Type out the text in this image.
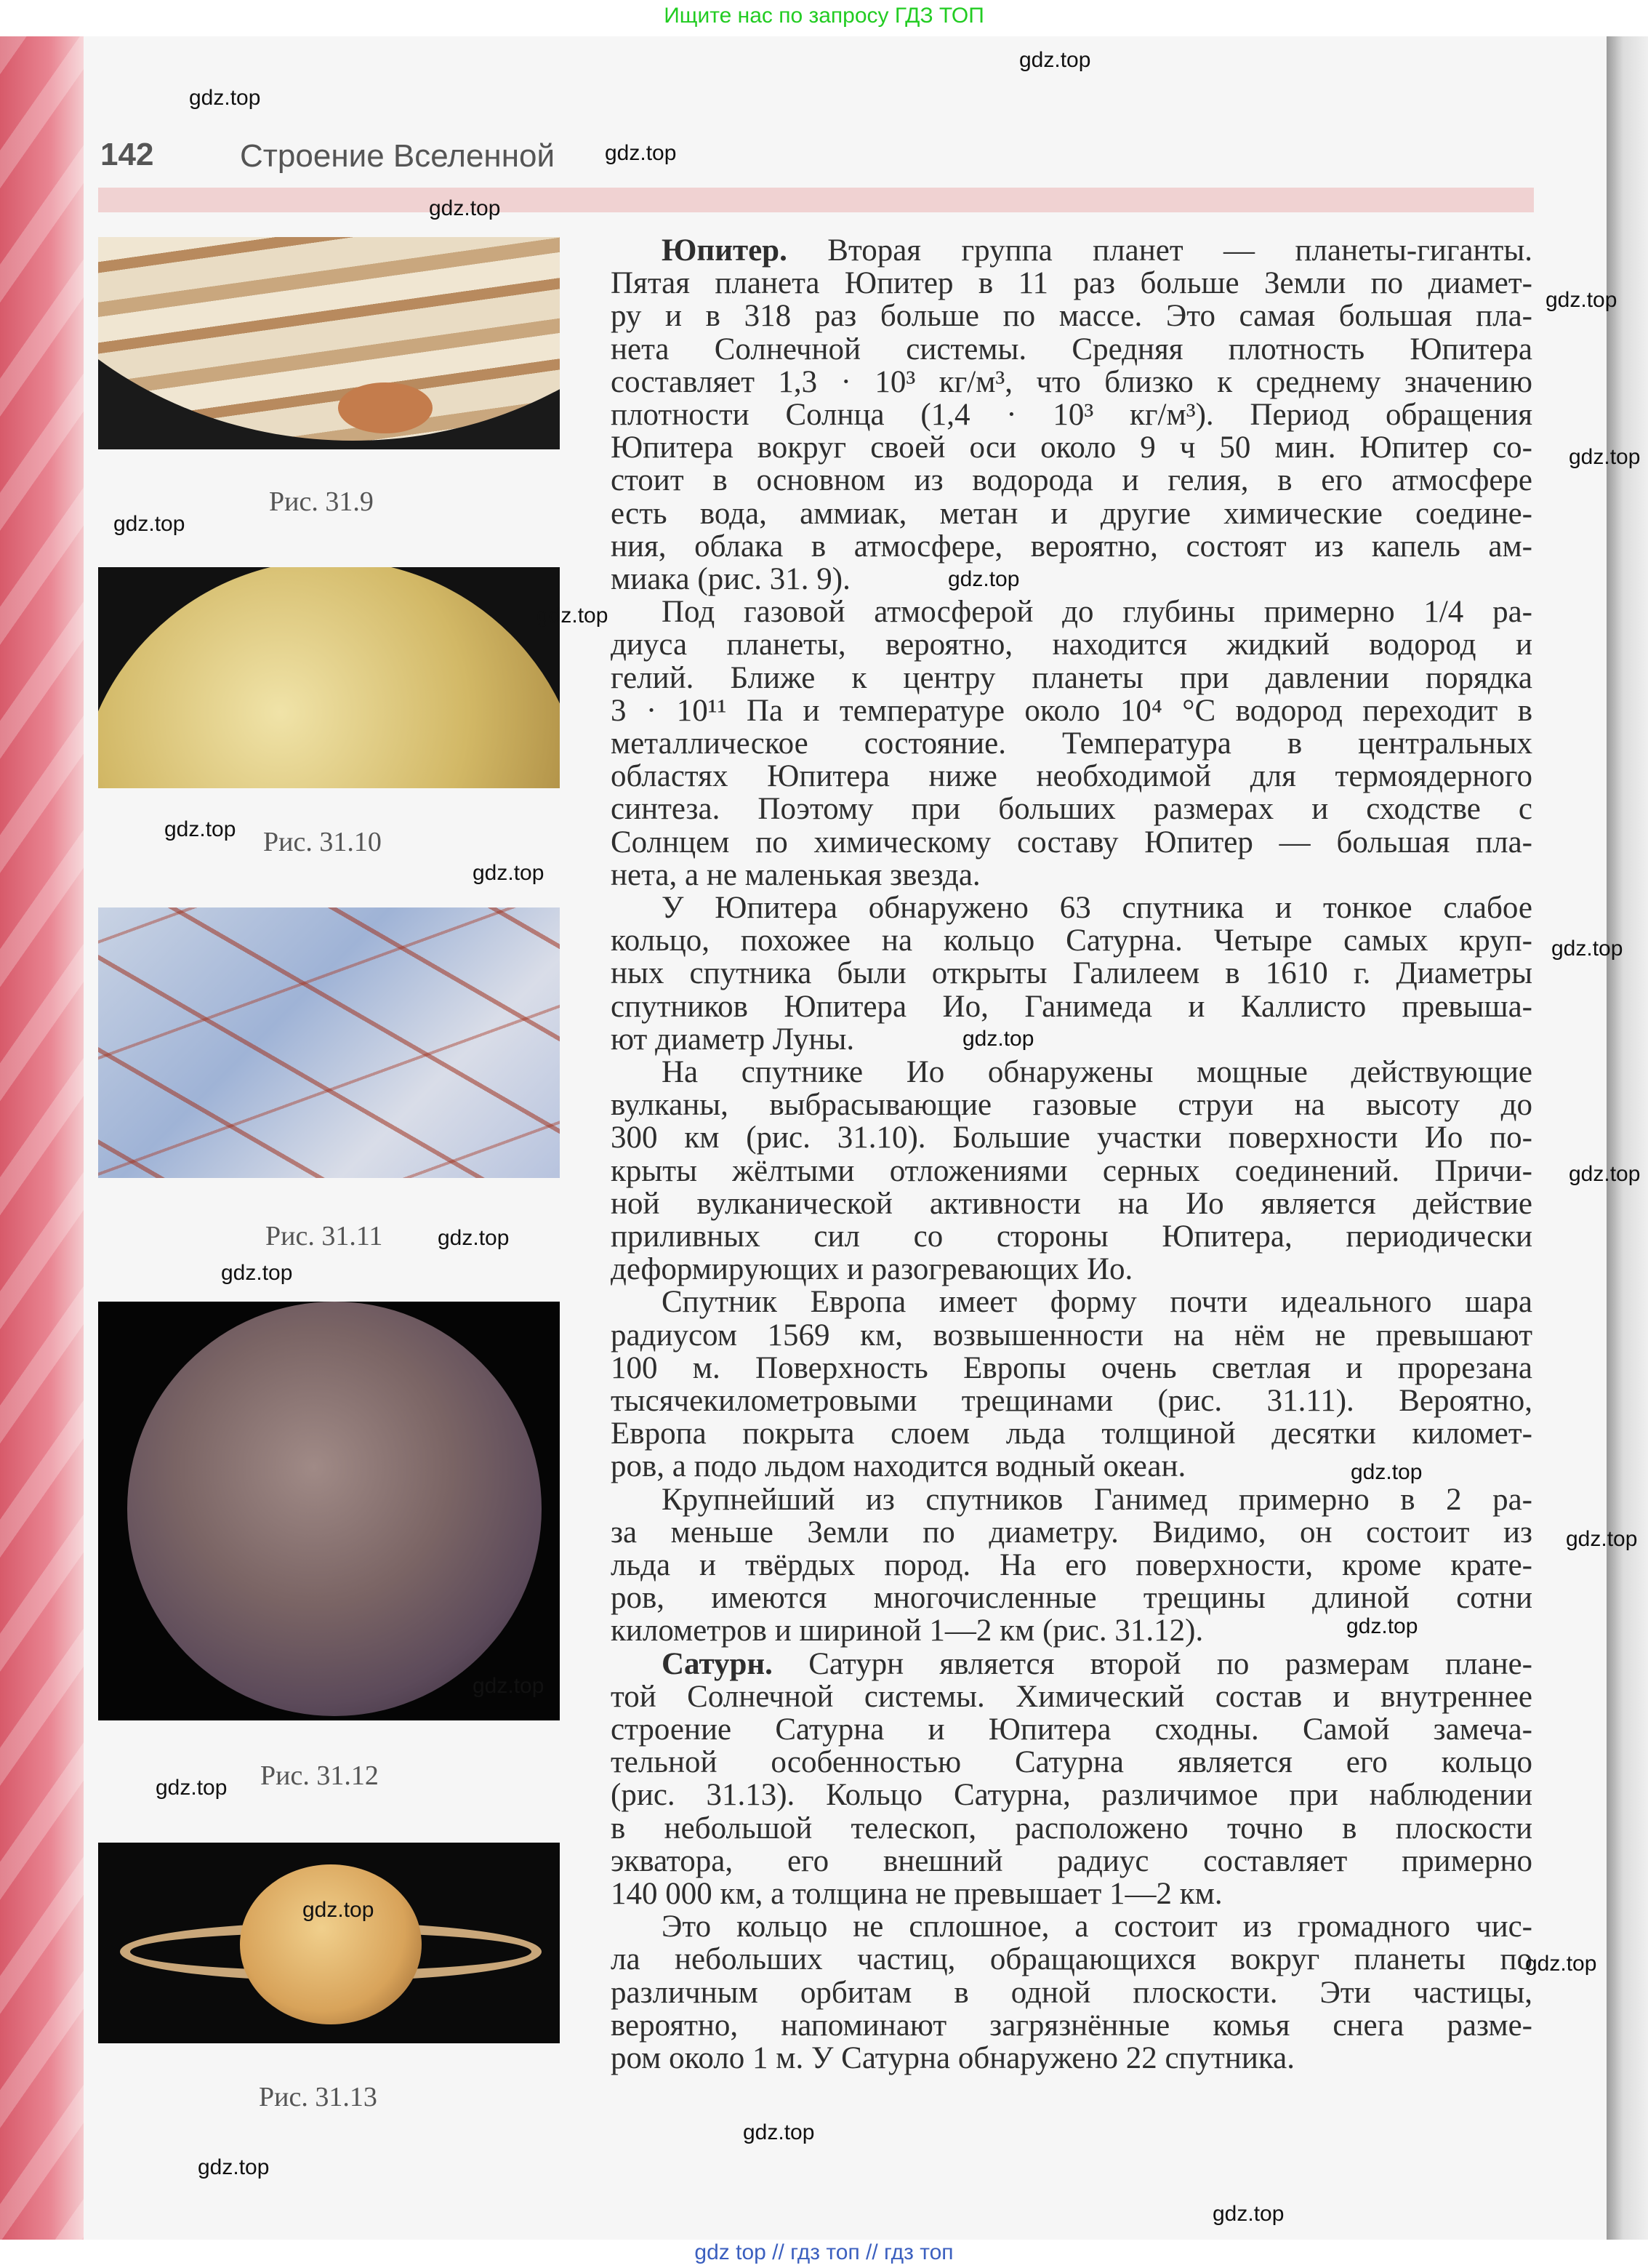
Ищите нас по запросу ГДЗ ТОП
142	Строение Вселенной
Рис. 31.9
Рис. 31.10
Рис. 31.11
Рис. 31.12
Рис. 31.13
Юпитер. Вторая группа планет — планеты-гиганты.
Пятая планета Юпитер в 11 раз больше Земли по диамет-
ру и в 318 раз больше по массе. Это самая большая пла-
нета Солнечной системы. Средняя плотность Юпитера
составляет 1,3 · 10³ кг/м³, что близко к среднему значению
плотности Солнца (1,4 · 10³ кг/м³). Период обращения
Юпитера вокруг своей оси около 9 ч 50 мин. Юпитер со-
стоит в основном из водорода и гелия, в его атмосфере
есть вода, аммиак, метан и другие химические соедине-
ния, облака в атмосфере, вероятно, состоят из капель ам-
миака (рис. 31. 9).
Под газовой атмосферой до глубины примерно 1/4 ра-
диуса планеты, вероятно, находится жидкий водород и
гелий. Ближе к центру планеты при давлении порядка
3 · 10¹¹ Па и температуре около 10⁴ °С водород переходит в
металлическое состояние. Температура в центральных
областях Юпитера ниже необходимой для термоядерного
синтеза. Поэтому при больших размерах и сходстве с
Солнцем по химическому составу Юпитер — большая пла-
нета, а не маленькая звезда.
У Юпитера обнаружено 63 спутника и тонкое слабое
кольцо, похожее на кольцо Сатурна. Четыре самых круп-
ных спутника были открыты Галилеем в 1610 г. Диаметры
спутников Юпитера Ио, Ганимеда и Каллисто превыша-
ют диаметр Луны.
На спутнике Ио обнаружены мощные действующие
вулканы, выбрасывающие газовые струи на высоту до
300 км (рис. 31.10). Большие участки поверхности Ио по-
крыты жёлтыми отложениями серных соединений. Причи-
ной вулканической активности на Ио является действие
приливных сил со стороны Юпитера, периодически
деформирующих и разогревающих Ио.
Спутник Европа имеет форму почти идеального шара
радиусом 1569 км, возвышенности на нём не превышают
100 м. Поверхность Европы очень светлая и прорезана
тысячекилометровыми трещинами (рис. 31.11). Вероятно,
Европа покрыта слоем льда толщиной десятки километ-
ров, а подо льдом находится водный океан.
Крупнейший из спутников Ганимед примерно в 2 ра-
за меньше Земли по диаметру. Видимо, он состоит из
льда и твёрдых пород. На его поверхности, кроме крате-
ров, имеются многочисленные трещины длиной сотни
километров и шириной 1—2 км (рис. 31.12).
Сатурн. Сатурн является второй по размерам плане-
той Солнечной системы. Химический состав и внутреннее
строение Сатурна и Юпитера сходны. Самой замеча-
тельной особенностью Сатурна является его кольцо
(рис. 31.13). Кольцо Сатурна, различимое при наблюдении
в небольшой телескоп, расположено точно в плоскости
экватора, его внешний радиус составляет примерно
140 000 км, а толщина не превышает 1—2 км.
Это кольцо не сплошное, а состоит из громадного чис-
ла небольших частиц, обращающихся вокруг планеты по
различным орбитам в одной плоскости. Эти частицы,
вероятно, напоминают загрязнённые комья снега разме-
ром около 1 м. У Сатурна обнаружено 22 спутника.
gdz.top
gdz.top
gdz.top
gdz.top
gdz.top
gdz.top
gdz.top
gdz.top
gdz.top
gdz.top
gdz.top
gdz.top
gdz.top
gdz.top
gdz.top
gdz.top
gdz.top
gdz.top
gdz.top
gdz.top
gdz.top
gdz.top
gdz.top
gdz.top
gdz.top
gdz.top
gdz top // гдз топ // гдз топ
